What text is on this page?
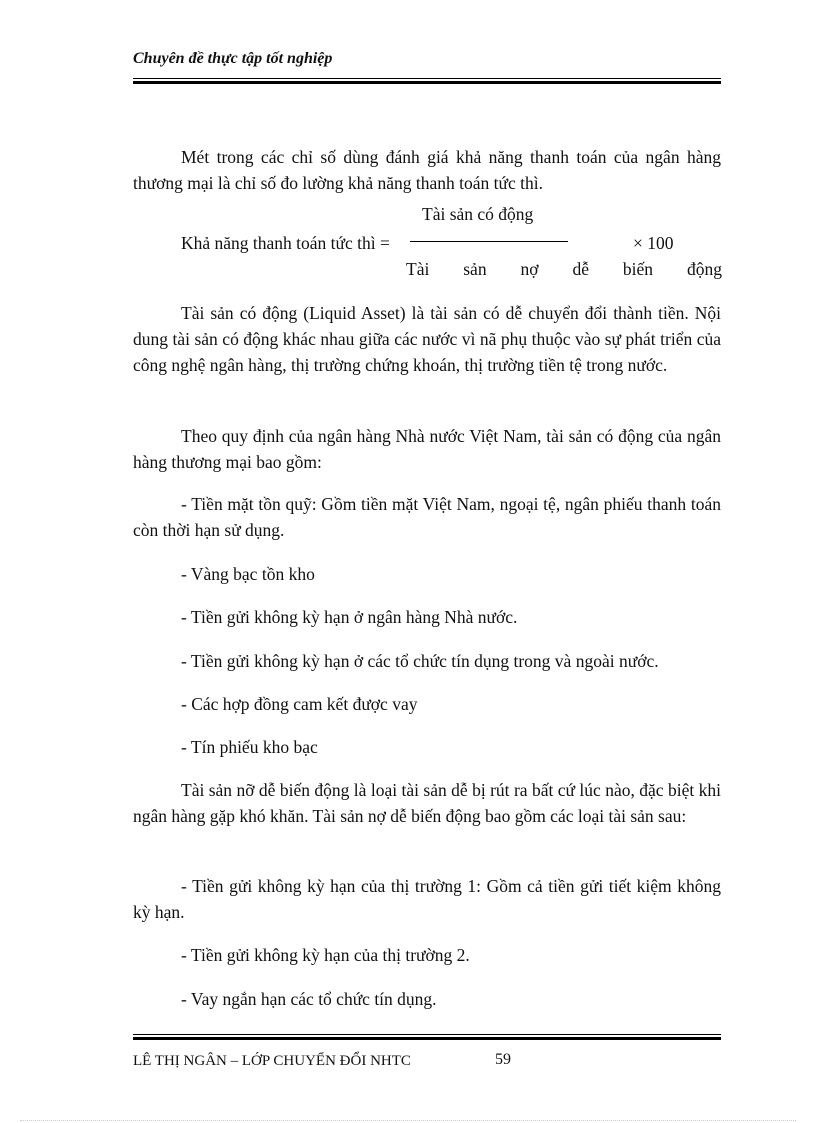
Chuyên đề thực tập tốt nghiệp
Mét trong các chỉ số dùng đánh giá khả năng thanh toán của ngân hàng thương mại là chỉ số đo lường khả năng thanh toán tức thì.
Tài sản có động
Khả năng thanh toán tức thì =	× 100
Tài sản nợ dễ biến động
Tài sản có động (Liquid Asset) là tài sản có dễ chuyển đổi thành tiền. Nội dung tài sản có động khác nhau giữa các nước vì nã phụ thuộc vào sự phát triển của công nghệ ngân hàng, thị trường chứng khoán, thị trường tiền tệ trong nước.
Theo quy định của ngân hàng Nhà nước Việt Nam, tài sản có động của ngân hàng thương mại bao gồm:
- Tiền mặt tồn quỹ: Gồm tiền mặt Việt Nam, ngoại tệ, ngân phiếu thanh toán còn thời hạn sử dụng.
- Vàng bạc tồn kho
- Tiền gửi không kỳ hạn ở ngân hàng Nhà nước.
- Tiền gửi không kỳ hạn ở các tổ chức tín dụng trong và ngoài nước.
- Các hợp đồng cam kết được vay
- Tín phiếu kho bạc
Tài sản nỡ dễ biến động là loại tài sản dễ bị rút ra bất cứ lúc nào, đặc biệt khi ngân hàng gặp khó khăn. Tài sản nợ dễ biến động bao gồm các loại tài sản sau:
- Tiền gửi không kỳ hạn của thị trường 1: Gồm cả tiền gửi tiết kiệm không kỳ hạn.
- Tiền gửi không kỳ hạn của thị trường 2.
- Vay ngắn hạn các tổ chức tín dụng.
LÊ THỊ NGÂN – LỚP CHUYỂN ĐỔI NHTC	59
